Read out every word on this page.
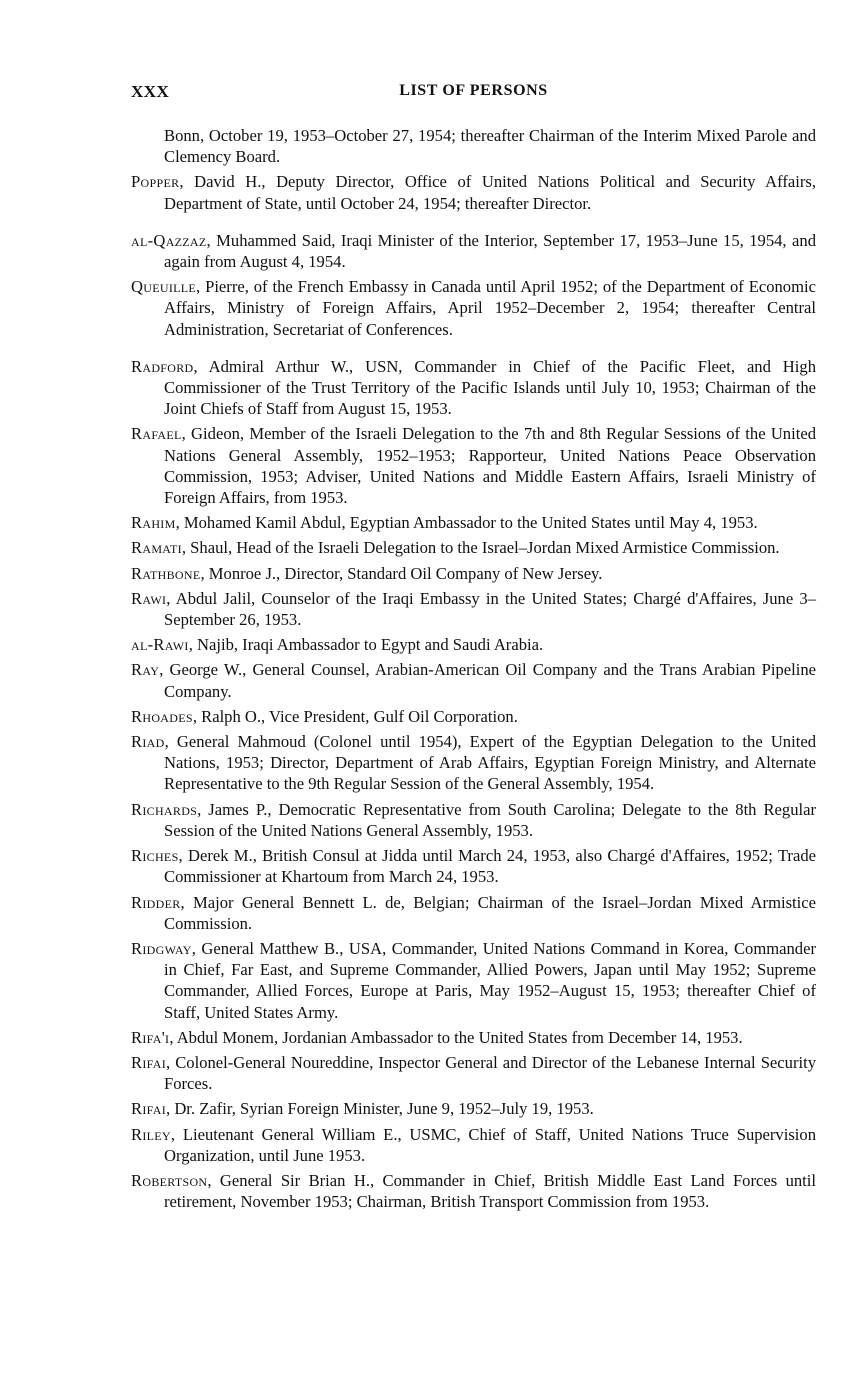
XXX	LIST OF PERSONS

Bonn, October 19, 1953–October 27, 1954; thereafter Chairman of the Interim Mixed Parole and Clemency Board.

Popper, David H., Deputy Director, Office of United Nations Political and Security Affairs, Department of State, until October 24, 1954; thereafter Director.

al-Qazzaz, Muhammed Said, Iraqi Minister of the Interior, September 17, 1953–June 15, 1954, and again from August 4, 1954.

Queuille, Pierre, of the French Embassy in Canada until April 1952; of the Department of Economic Affairs, Ministry of Foreign Affairs, April 1952–December 2, 1954; thereafter Central Administration, Secretariat of Conferences.

Radford, Admiral Arthur W., USN, Commander in Chief of the Pacific Fleet, and High Commissioner of the Trust Territory of the Pacific Islands until July 10, 1953; Chairman of the Joint Chiefs of Staff from August 15, 1953.

Rafael, Gideon, Member of the Israeli Delegation to the 7th and 8th Regular Sessions of the United Nations General Assembly, 1952–1953; Rapporteur, United Nations Peace Observation Commission, 1953; Adviser, United Nations and Middle Eastern Affairs, Israeli Ministry of Foreign Affairs, from 1953.

Rahim, Mohamed Kamil Abdul, Egyptian Ambassador to the United States until May 4, 1953.

Ramati, Shaul, Head of the Israeli Delegation to the Israel–Jordan Mixed Armistice Commission.

Rathbone, Monroe J., Director, Standard Oil Company of New Jersey.

Rawi, Abdul Jalil, Counselor of the Iraqi Embassy in the United States; Chargé d'Affaires, June 3–September 26, 1953.

al-Rawi, Najib, Iraqi Ambassador to Egypt and Saudi Arabia.

Ray, George W., General Counsel, Arabian-American Oil Company and the Trans Arabian Pipeline Company.

Rhoades, Ralph O., Vice President, Gulf Oil Corporation.

Riad, General Mahmoud (Colonel until 1954), Expert of the Egyptian Delegation to the United Nations, 1953; Director, Department of Arab Affairs, Egyptian Foreign Ministry, and Alternate Representative to the 9th Regular Session of the General Assembly, 1954.

Richards, James P., Democratic Representative from South Carolina; Delegate to the 8th Regular Session of the United Nations General Assembly, 1953.

Riches, Derek M., British Consul at Jidda until March 24, 1953, also Chargé d'Affaires, 1952; Trade Commissioner at Khartoum from March 24, 1953.

Ridder, Major General Bennett L. de, Belgian; Chairman of the Israel–Jordan Mixed Armistice Commission.

Ridgway, General Matthew B., USA, Commander, United Nations Command in Korea, Commander in Chief, Far East, and Supreme Commander, Allied Powers, Japan until May 1952; Supreme Commander, Allied Forces, Europe at Paris, May 1952–August 15, 1953; thereafter Chief of Staff, United States Army.

Rifa'i, Abdul Monem, Jordanian Ambassador to the United States from December 14, 1953.

Rifai, Colonel-General Noureddine, Inspector General and Director of the Lebanese Internal Security Forces.

Rifai, Dr. Zafir, Syrian Foreign Minister, June 9, 1952–July 19, 1953.

Riley, Lieutenant General William E., USMC, Chief of Staff, United Nations Truce Supervision Organization, until June 1953.

Robertson, General Sir Brian H., Commander in Chief, British Middle East Land Forces until retirement, November 1953; Chairman, British Transport Commission from 1953.
